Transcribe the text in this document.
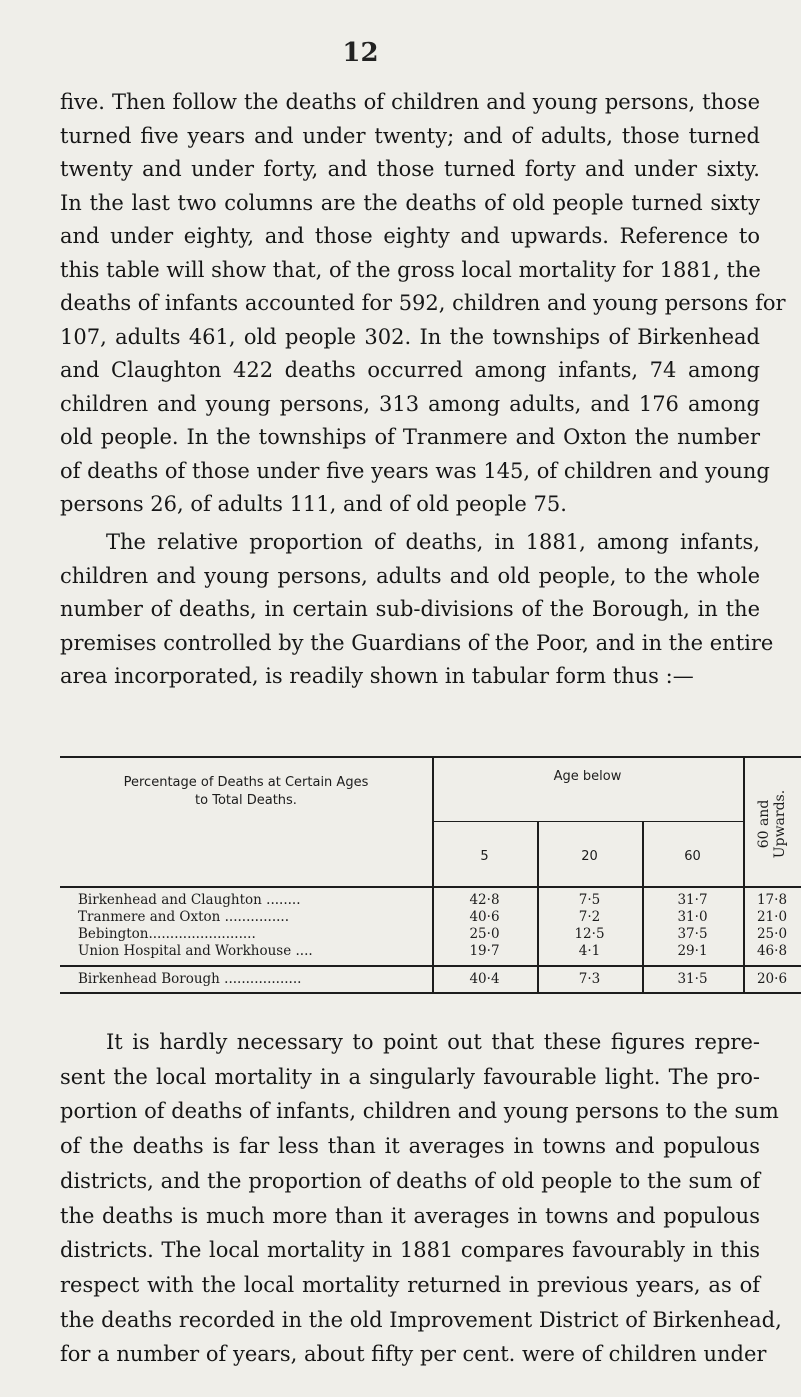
12
five. Then follow the deaths of children and young persons, those
turned five years and under twenty; and of adults, those turned
twenty and under forty, and those turned forty and under sixty.
In the last two columns are the deaths of old people turned sixty
and under eighty, and those eighty and upwards. Reference to
this table will show that, of the gross local mortality for 1881, the
deaths of infants accounted for 592, children and young persons for
107, adults 461, old people 302. In the townships of Birkenhead
and Claughton 422 deaths occurred among infants, 74 among
children and young persons, 313 among adults, and 176 among
old people. In the townships of Tranmere and Oxton the number
of deaths of those under five years was 145, of children and young
persons 26, of adults 111, and of old people 75.
The relative proportion of deaths, in 1881, among infants,
children and young persons, adults and old people, to the whole
number of deaths, in certain sub-divisions of the Borough, in the
premises controlled by the Guardians of the Poor, and in the entire
area incorporated, is readily shown in tabular form thus :—
Percentage of Deaths at Certain Ages
to Total Deaths.
Age below
5	20	60
60 and Upwards.
Birkenhead and Claughton ........	42·8	7·5	31·7	17·8
Tranmere and Oxton ...............	40·6	7·2	31·0	21·0
Bebington.........................	25·0	12·5	37·5	25·0
Union Hospital and Workhouse ....	19·7	4·1	29·1	46·8
Birkenhead Borough ..................	40·4	7·3	31·5	20·6
It is hardly necessary to point out that these figures repre-
sent the local mortality in a singularly favourable light. The pro-
portion of deaths of infants, children and young persons to the sum
of the deaths is far less than it averages in towns and populous
districts, and the proportion of deaths of old people to the sum of
the deaths is much more than it averages in towns and populous
districts. The local mortality in 1881 compares favourably in this
respect with the local mortality returned in previous years, as of
the deaths recorded in the old Improvement District of Birkenhead,
for a number of years, about fifty per cent. were of children under
